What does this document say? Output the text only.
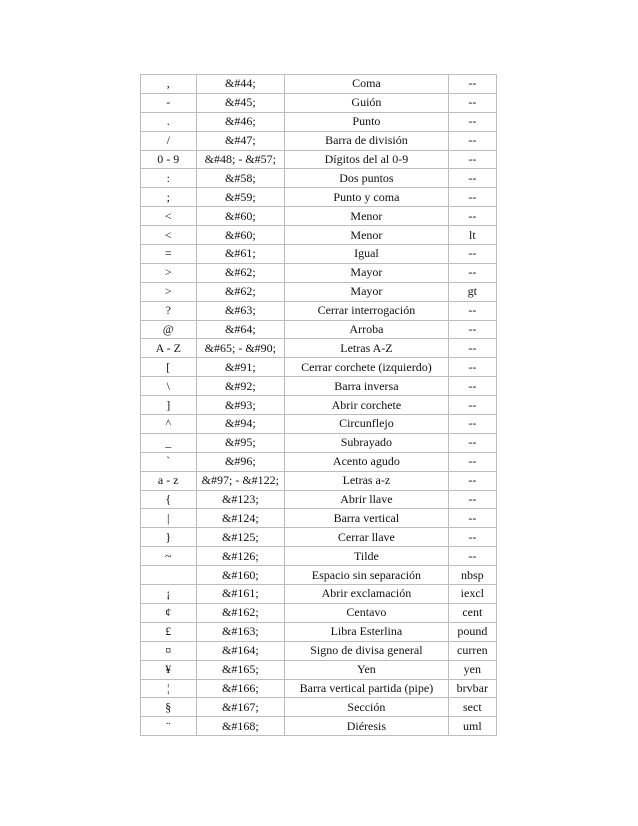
,	&#44;	Coma	--
-	&#45;	Guión	--
.	&#46;	Punto	--
/	&#47;	Barra de división	--
0 - 9	&#48; - &#57;	Dígitos del al 0-9	--
:	&#58;	Dos puntos	--
;	&#59;	Punto y coma	--
<	&#60;	Menor	--
<	&#60;	Menor	lt
=	&#61;	Igual	--
>	&#62;	Mayor	--
>	&#62;	Mayor	gt
?	&#63;	Cerrar interrogación	--
@	&#64;	Arroba	--
A - Z	&#65; - &#90;	Letras A-Z	--
[	&#91;	Cerrar corchete (izquierdo)	--
\	&#92;	Barra inversa	--
]	&#93;	Abrir corchete	--
^	&#94;	Circunflejo	--
_	&#95;	Subrayado	--
`	&#96;	Acento agudo	--
a - z	&#97; - &#122;	Letras a-z	--
{	&#123;	Abrir llave	--
|	&#124;	Barra vertical	--
}	&#125;	Cerrar llave	--
~	&#126;	Tilde	--
	&#160;	Espacio sin separación	nbsp
¡	&#161;	Abrir exclamación	iexcl
¢	&#162;	Centavo	cent
£	&#163;	Libra Esterlina	pound
¤	&#164;	Signo de divisa general	curren
¥	&#165;	Yen	yen
¦	&#166;	Barra vertical partida (pipe)	brvbar
§	&#167;	Sección	sect
¨	&#168;	Diéresis	uml
